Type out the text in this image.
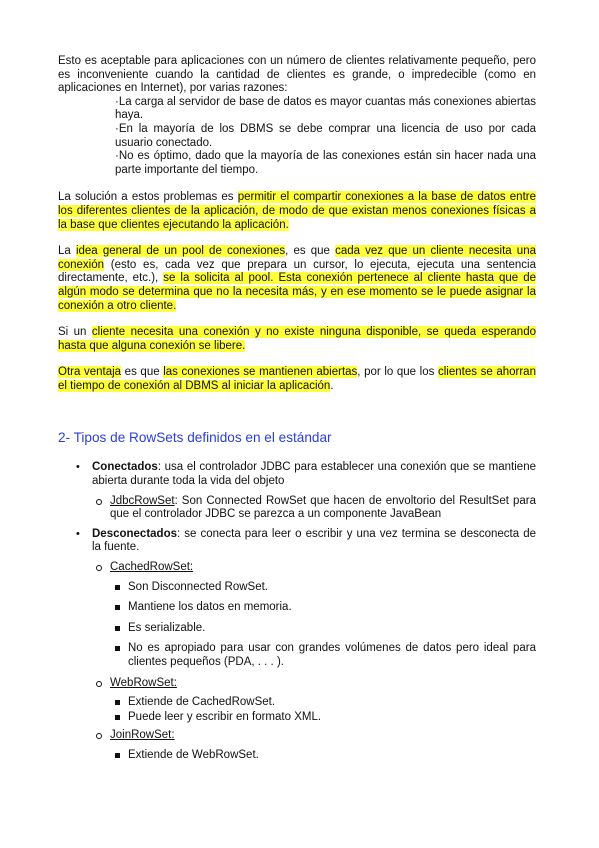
Esto es aceptable para aplicaciones con un número de clientes relativamente pequeño, pero es inconveniente cuando la cantidad de clientes es grande, o impredecible (como en aplicaciones en Internet), por varias razones:

·La carga al servidor de base de datos es mayor cuantas más conexiones abiertas haya.
·En la mayoría de los DBMS se debe comprar una licencia de uso por cada usuario conectado.
·No es óptimo, dado que la mayoría de las conexiones están sin hacer nada una parte importante del tiempo.

La solución a estos problemas es permitir el compartir conexiones a la base de datos entre los diferentes clientes de la aplicación, de modo de que existan menos conexiones físicas a la base que clientes ejecutando la aplicación.

La idea general de un pool de conexiones, es que cada vez que un cliente necesita una conexión (esto es, cada vez que prepara un cursor, lo ejecuta, ejecuta una sentencia directamente, etc.), se la solicita al pool. Esta conexión pertenece al cliente hasta que de algún modo se determina que no la necesita más, y en ese momento se le puede asignar la conexión a otro cliente.

Si un cliente necesita una conexión y no existe ninguna disponible, se queda esperando hasta que alguna conexión se libere.

Otra ventaja es que las conexiones se mantienen abiertas, por lo que los clientes se ahorran el tiempo de conexión al DBMS al iniciar la aplicación.

2- Tipos de RowSets definidos en el estándar
• Conectados: usa el controlador JDBC para establecer una conexión que se mantiene abierta durante toda la vida del objeto
JdbcRowSet: Son Connected RowSet que hacen de envoltorio del ResultSet para que el controlador JDBC se parezca a un componente JavaBean
• Desconectados: se conecta para leer o escribir y una vez termina se desconecta de la fuente.
CachedRowSet:
Son Disconnected RowSet.
Mantiene los datos en memoria.
Es serializable.
No es apropiado para usar con grandes volúmenes de datos pero ideal para clientes pequeños (PDA, . . . ).
WebRowSet:
Extiende de CachedRowSet.
Puede leer y escribir en formato XML.
JoinRowSet:
Extiende de WebRowSet.
